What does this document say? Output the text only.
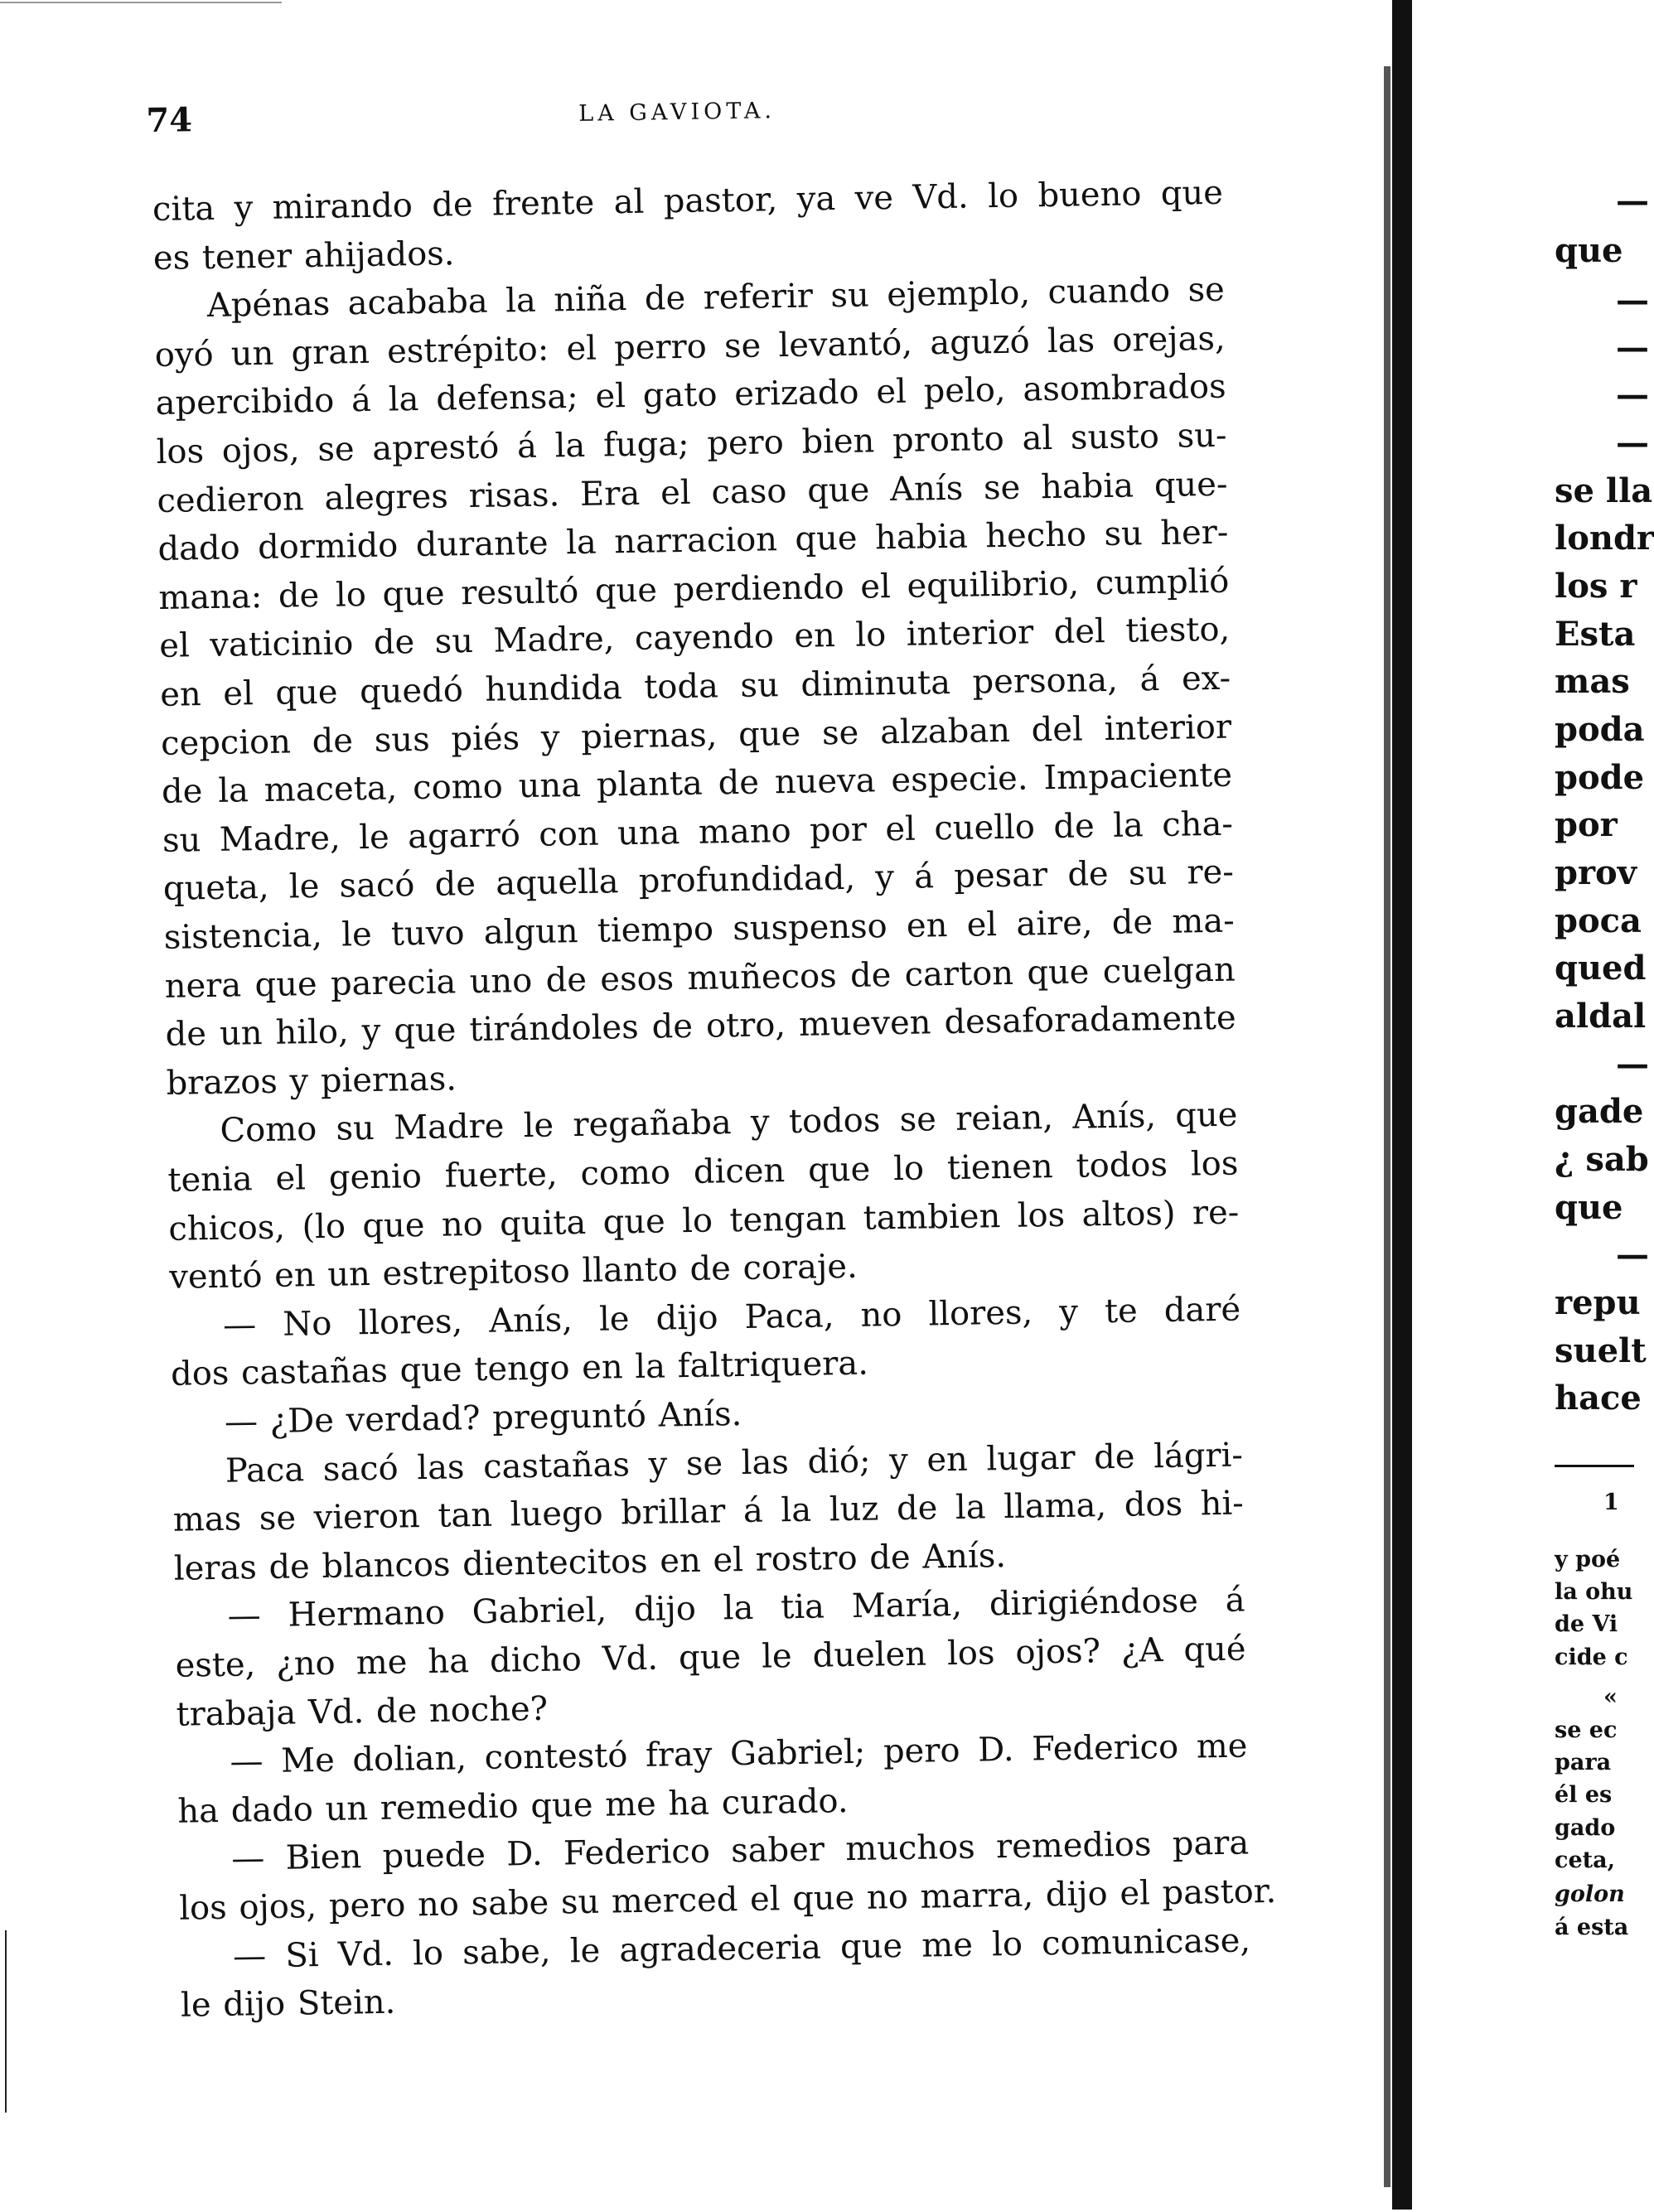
74	LA GAVIOTA.
cita y mirando de frente al pastor, ya ve Vd. lo bueno que
es tener ahijados.
Apénas acababa la niña de referir su ejemplo, cuando se
oyó un gran estrépito: el perro se levantó, aguzó las orejas,
apercibido á la defensa; el gato erizado el pelo, asombrados
los ojos, se aprestó á la fuga; pero bien pronto al susto su-
cedieron alegres risas. Era el caso que Anís se habia que-
dado dormido durante la narracion que habia hecho su her-
mana: de lo que resultó que perdiendo el equilibrio, cumplió
el vaticinio de su Madre, cayendo en lo interior del tiesto,
en el que quedó hundida toda su diminuta persona, á ex-
cepcion de sus piés y piernas, que se alzaban del interior
de la maceta, como una planta de nueva especie. Impaciente
su Madre, le agarró con una mano por el cuello de la cha-
queta, le sacó de aquella profundidad, y á pesar de su re-
sistencia, le tuvo algun tiempo suspenso en el aire, de ma-
nera que parecia uno de esos muñecos de carton que cuelgan
de un hilo, y que tirándoles de otro, mueven desaforadamente
brazos y piernas.
Como su Madre le regañaba y todos se reian, Anís, que
tenia el genio fuerte, como dicen que lo tienen todos los
chicos, (lo que no quita que lo tengan tambien los altos) re-
ventó en un estrepitoso llanto de coraje.
— No llores, Anís, le dijo Paca, no llores, y te daré
dos castañas que tengo en la faltriquera.
— ¿De verdad? preguntó Anís.
Paca sacó las castañas y se las dió; y en lugar de lágri-
mas se vieron tan luego brillar á la luz de la llama, dos hi-
leras de blancos dientecitos en el rostro de Anís.
— Hermano Gabriel, dijo la tia María, dirigiéndose á
este, ¿no me ha dicho Vd. que le duelen los ojos? ¿A qué
trabaja Vd. de noche?
— Me dolian, contestó fray Gabriel; pero D. Federico me
ha dado un remedio que me ha curado.
— Bien puede D. Federico saber muchos remedios para
los ojos, pero no sabe su merced el que no marra, dijo el pastor.
— Si Vd. lo sabe, le agradeceria que me lo comunicase,
le dijo Stein.
—
que
—
—
—
—
se lla
londr
los r
Esta
mas
poda
pode
por
prov
poca
qued
aldal
—
gade
¿ sab
que
—
repu
suelt
hace
1
y poé
la ohu
de Vi
cide c
«
se ec
para
él es
gado
ceta,
golon
á esta
